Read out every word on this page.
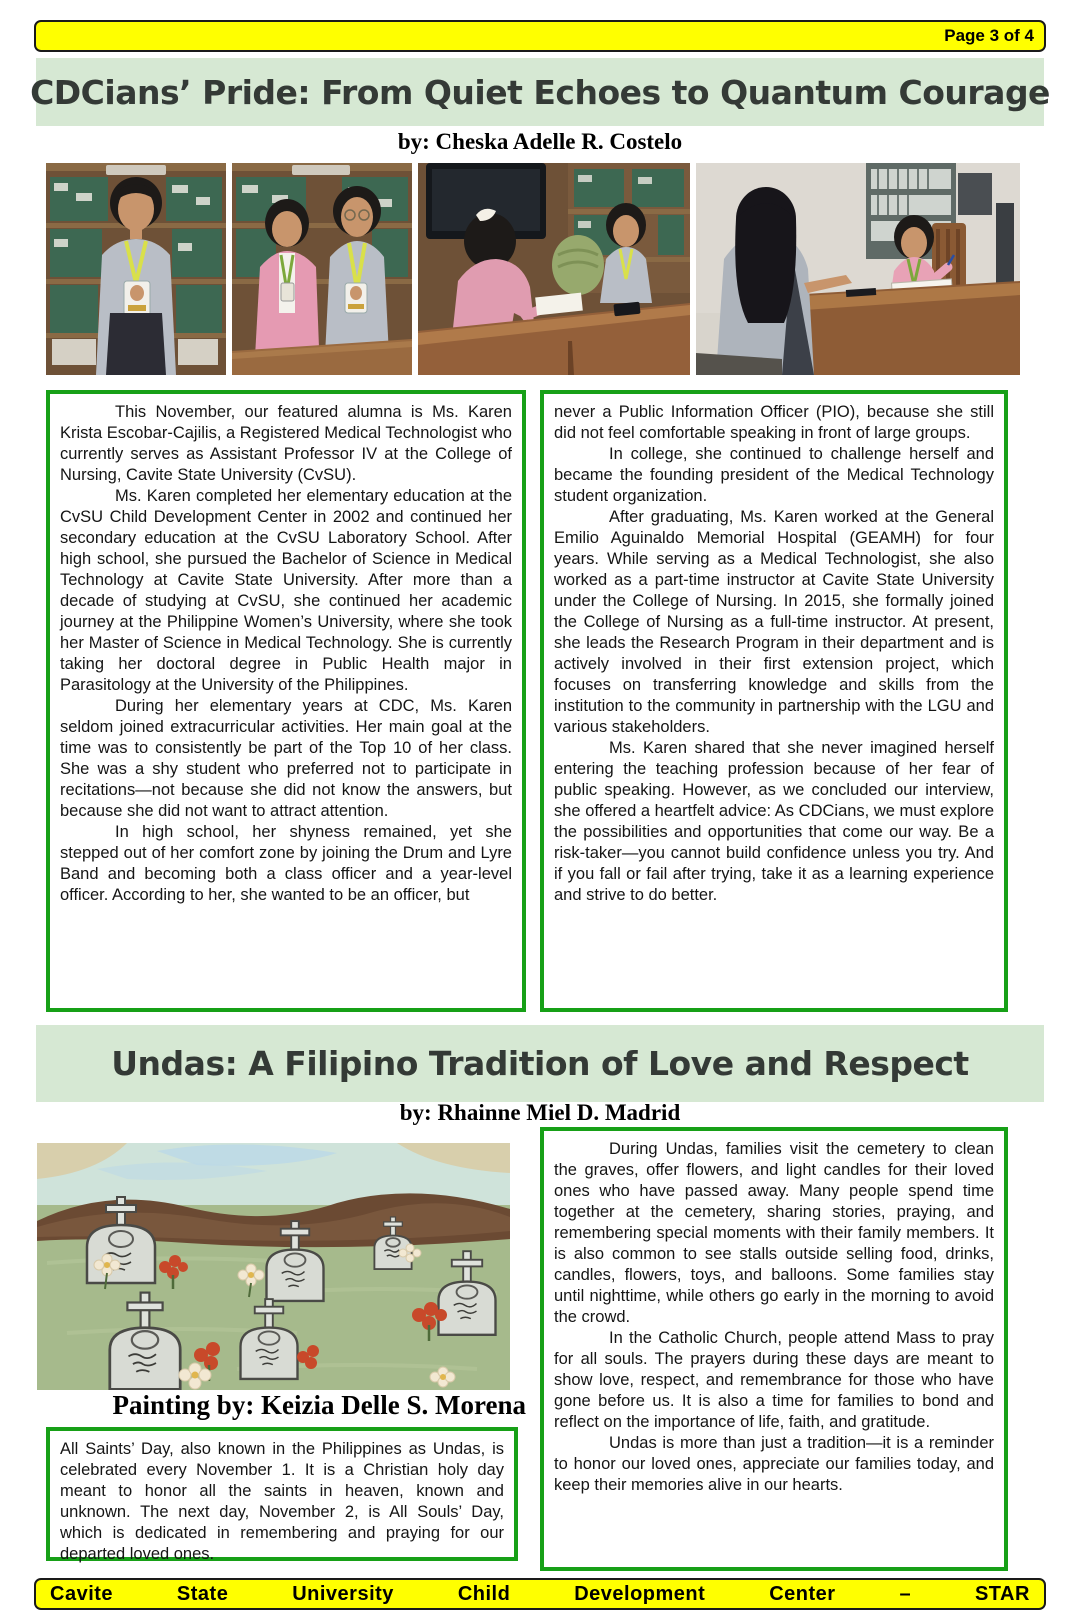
Page 3 of 4
CDCians’ Pride: From Quiet Echoes to Quantum Courage
by: Cheska Adelle R. Costelo

This November, our featured alumna is Ms. Karen Krista Escobar-Cajilis, a Registered Medical Technologist who currently serves as Assistant Professor IV at the College of Nursing, Cavite State University (CvSU).

Ms. Karen completed her elementary education at the CvSU Child Development Center in 2002 and continued her secondary education at the CvSU Laboratory School. After high school, she pursued the Bachelor of Science in Medical Technology at Cavite State University. After more than a decade of studying at CvSU, she continued her academic journey at the Philippine Women’s University, where she took her Master of Science in Medical Technology. She is currently taking her doctoral degree in Public Health major in Parasitology at the University of the Philippines.

During her elementary years at CDC, Ms. Karen seldom joined extracurricular activities. Her main goal at the time was to consistently be part of the Top 10 of her class. She was a shy student who preferred not to participate in recitations—not because she did not know the answers, but because she did not want to attract attention.

In high school, her shyness remained, yet she stepped out of her comfort zone by joining the Drum and Lyre Band and becoming both a class officer and a year-level officer. According to her, she wanted to be an officer, but

never a Public Information Officer (PIO), because she still did not feel comfortable speaking in front of large groups.

In college, she continued to challenge herself and became the founding president of the Medical Technology student organization.

After graduating, Ms. Karen worked at the General Emilio Aguinaldo Memorial Hospital (GEAMH) for four years. While serving as a Medical Technologist, she also worked as a part-time instructor at Cavite State University under the College of Nursing. In 2015, she formally joined the College of Nursing as a full-time instructor. At present, she leads the Research Program in their department and is actively involved in their first extension project, which focuses on transferring knowledge and skills from the institution to the community in partnership with the LGU and various stakeholders.

Ms. Karen shared that she never imagined herself entering the teaching profession because of her fear of public speaking. However, as we concluded our interview, she offered a heartfelt advice: As CDCians, we must explore the possibilities and opportunities that come our way. Be a risk-taker—you cannot build confidence unless you try. And if you fall or fail after trying, take it as a learning experience and strive to do better.

Undas: A Filipino Tradition of Love and Respect
by: Rhainne Miel D. Madrid
Painting by: Keizia Delle S. Morena

All Saints’ Day, also known in the Philippines as Undas, is celebrated every November 1. It is a Christian holy day meant to honor all the saints in heaven, known and unknown. The next day, November 2, is All Souls’ Day, which is dedicated in remembering and praying for our departed loved ones.

During Undas, families visit the cemetery to clean the graves, offer flowers, and light candles for their loved ones who have passed away. Many people spend time together at the cemetery, sharing stories, praying, and remembering special moments with their family members. It is also common to see stalls outside selling food, drinks, candles, flowers, toys, and balloons. Some families stay until nighttime, while others go early in the morning to avoid the crowd.

In the Catholic Church, people attend Mass to pray for all souls. The prayers during these days are meant to show love, respect, and remembrance for those who have gone before us. It is also a time for families to bond and reflect on the importance of life, faith, and gratitude.

Undas is more than just a tradition—it is a reminder to honor our loved ones, appreciate our families today, and keep their memories alive in our hearts.

Cavite	State	University	Child	Development	Center	–	STAR
